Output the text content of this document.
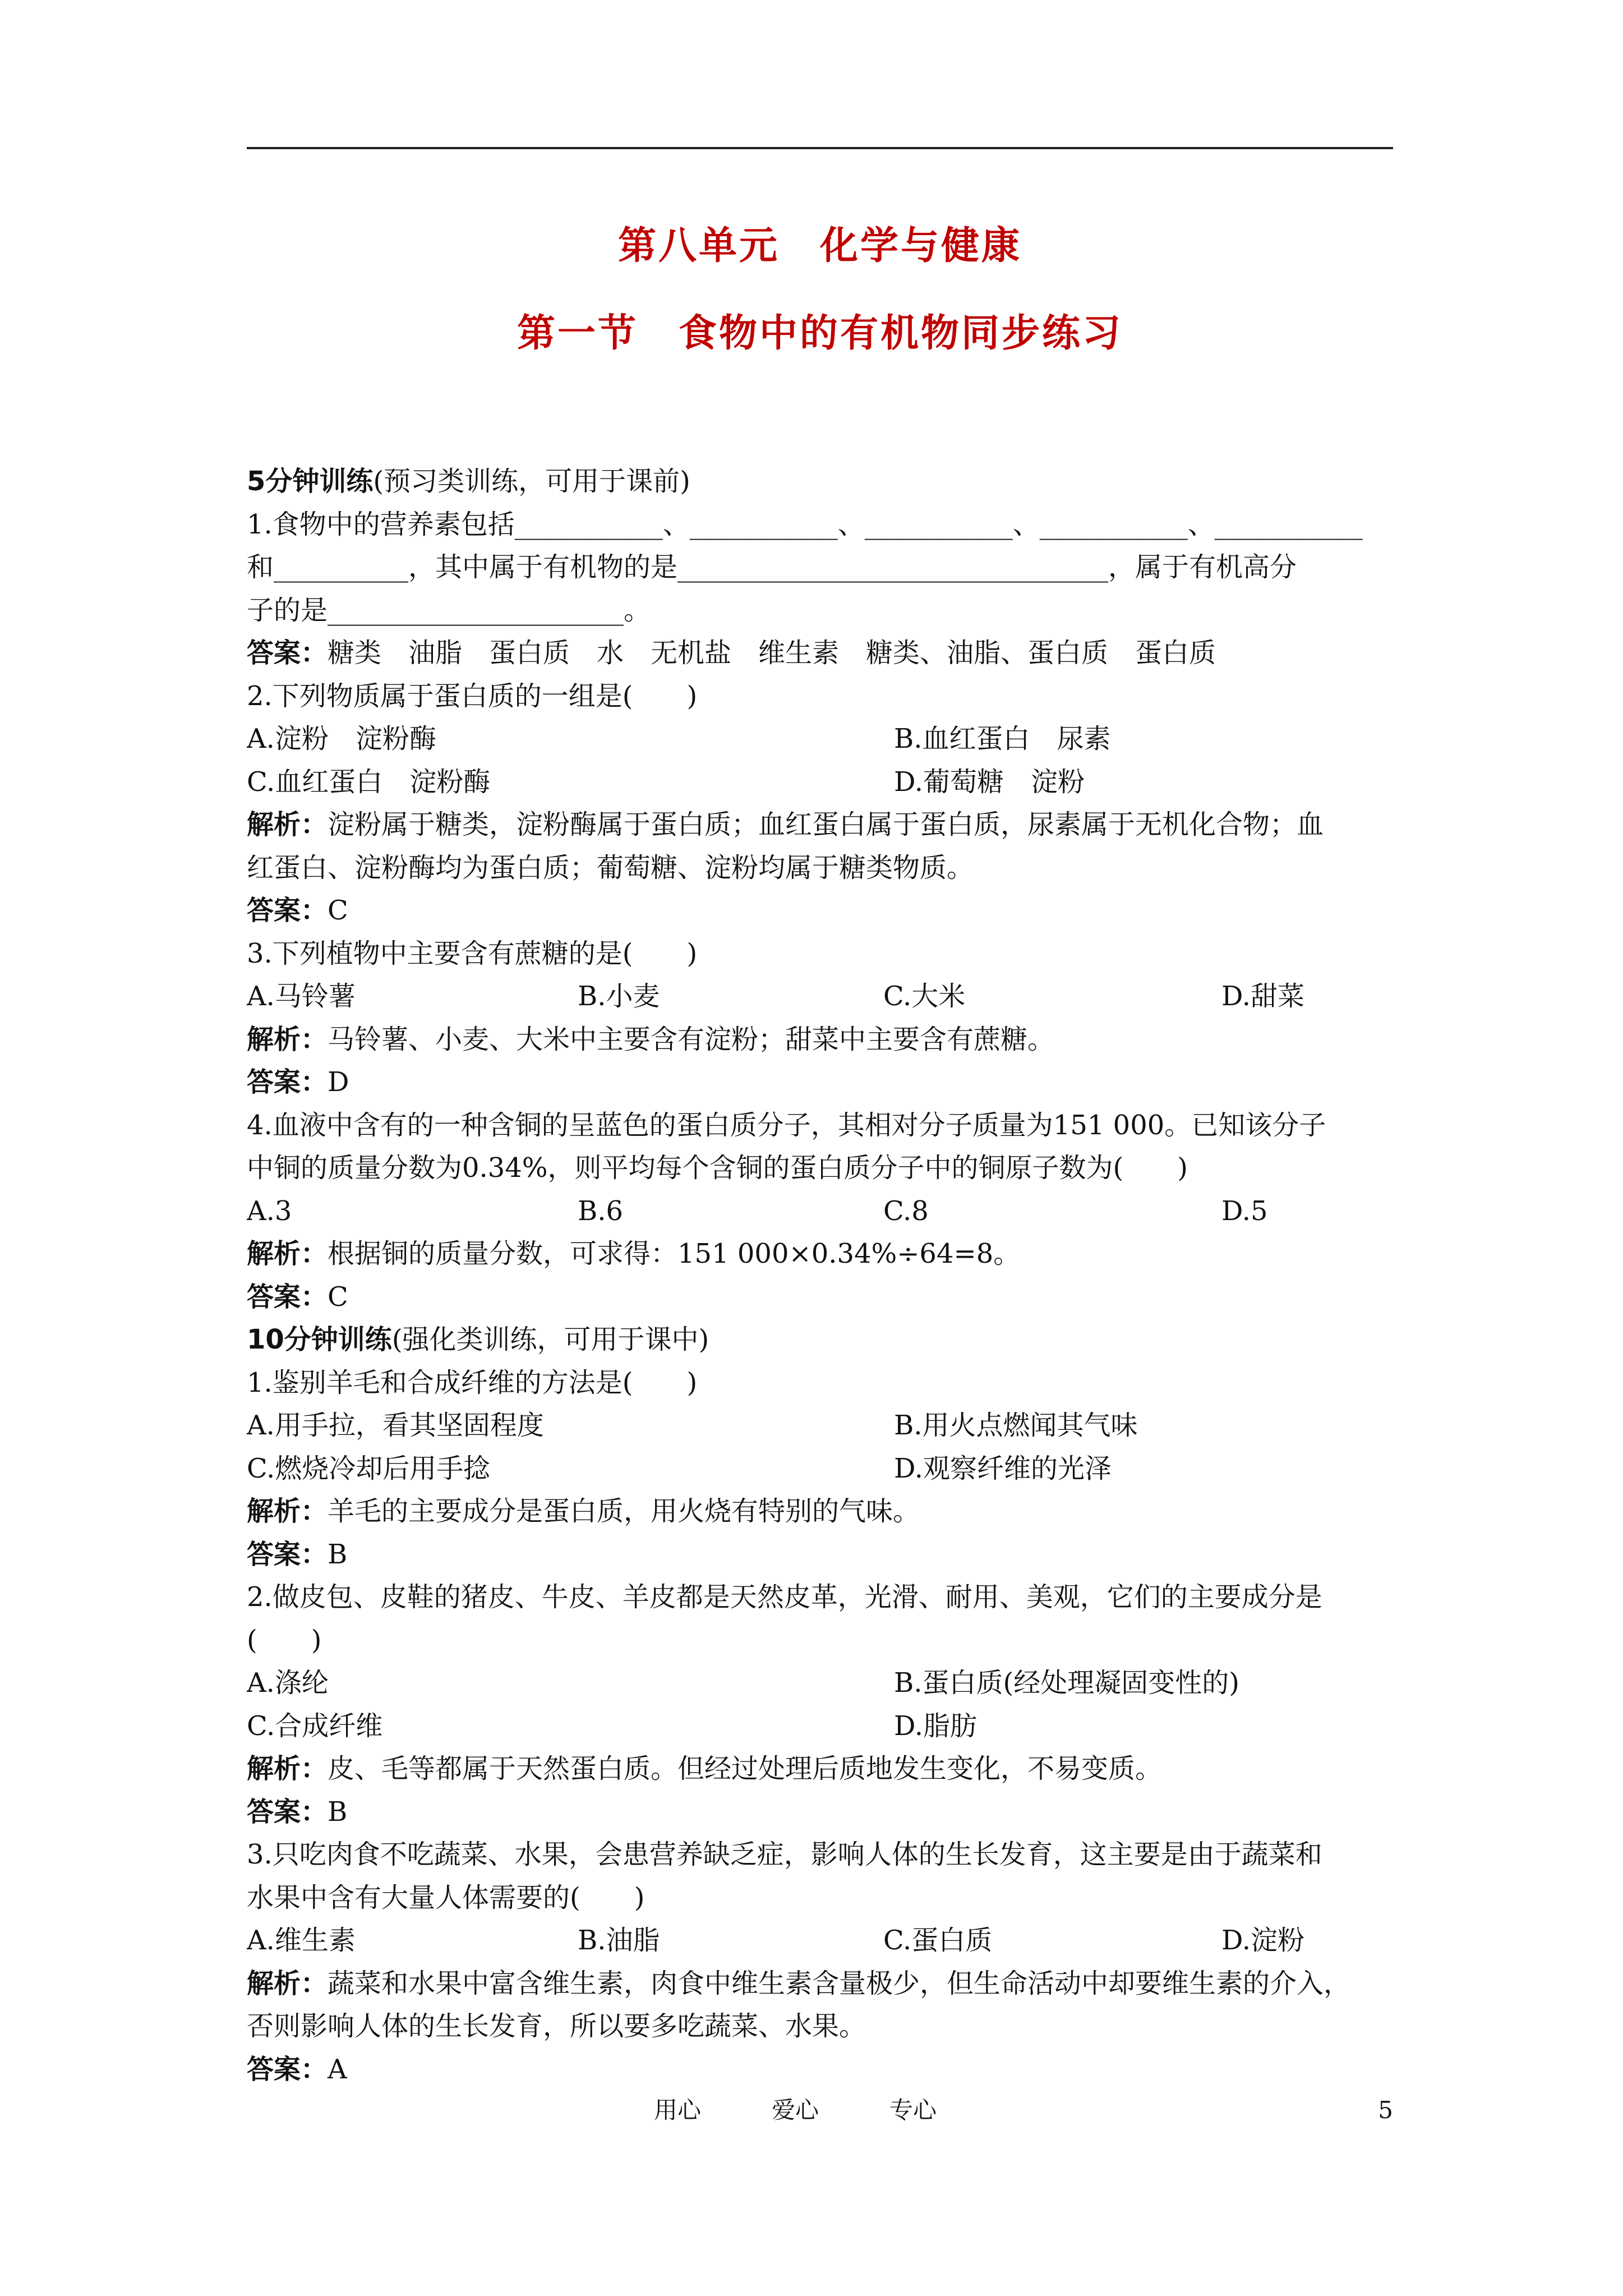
第八单元　化学与健康
第一节　食物中的有机物同步练习
5分钟训练(预习类训练，可用于课前)
1.食物中的营养素包括___________、___________、___________、___________、___________
和__________，其中属于有机物的是________________________________，属于有机高分
子的是______________________。
答案：糖类　油脂　蛋白质　水　无机盐　维生素　糖类、油脂、蛋白质　蛋白质
2.下列物质属于蛋白质的一组是(　　)
A.淀粉　淀粉酶	B.血红蛋白　尿素
C.血红蛋白　淀粉酶	D.葡萄糖　淀粉
解析：淀粉属于糖类，淀粉酶属于蛋白质；血红蛋白属于蛋白质，尿素属于无机化合物；血
红蛋白、淀粉酶均为蛋白质；葡萄糖、淀粉均属于糖类物质。
答案：C
3.下列植物中主要含有蔗糖的是(　　)
A.马铃薯	B.小麦	C.大米	D.甜菜
解析：马铃薯、小麦、大米中主要含有淀粉；甜菜中主要含有蔗糖。
答案：D
4.血液中含有的一种含铜的呈蓝色的蛋白质分子，其相对分子质量为151 000。已知该分子
中铜的质量分数为0.34%，则平均每个含铜的蛋白质分子中的铜原子数为(　　)
A.3	B.6	C.8	D.5
解析：根据铜的质量分数，可求得：151 000×0.34%÷64=8。
答案：C
10分钟训练(强化类训练，可用于课中)
1.鉴别羊毛和合成纤维的方法是(　　)
A.用手拉，看其坚固程度	B.用火点燃闻其气味
C.燃烧冷却后用手捻	D.观察纤维的光泽
解析：羊毛的主要成分是蛋白质，用火烧有特别的气味。
答案：B
2.做皮包、皮鞋的猪皮、牛皮、羊皮都是天然皮革，光滑、耐用、美观，它们的主要成分是
(　　)
A.涤纶	B.蛋白质(经处理凝固变性的)
C.合成纤维	D.脂肪
解析：皮、毛等都属于天然蛋白质。但经过处理后质地发生变化，不易变质。
答案：B
3.只吃肉食不吃蔬菜、水果，会患营养缺乏症，影响人体的生长发育，这主要是由于蔬菜和
水果中含有大量人体需要的(　　)
A.维生素	B.油脂	C.蛋白质	D.淀粉
解析：蔬菜和水果中富含维生素，肉食中维生素含量极少，但生命活动中却要维生素的介入，
否则影响人体的生长发育，所以要多吃蔬菜、水果。
答案：A
用心　　　爱心　　　专心	5
